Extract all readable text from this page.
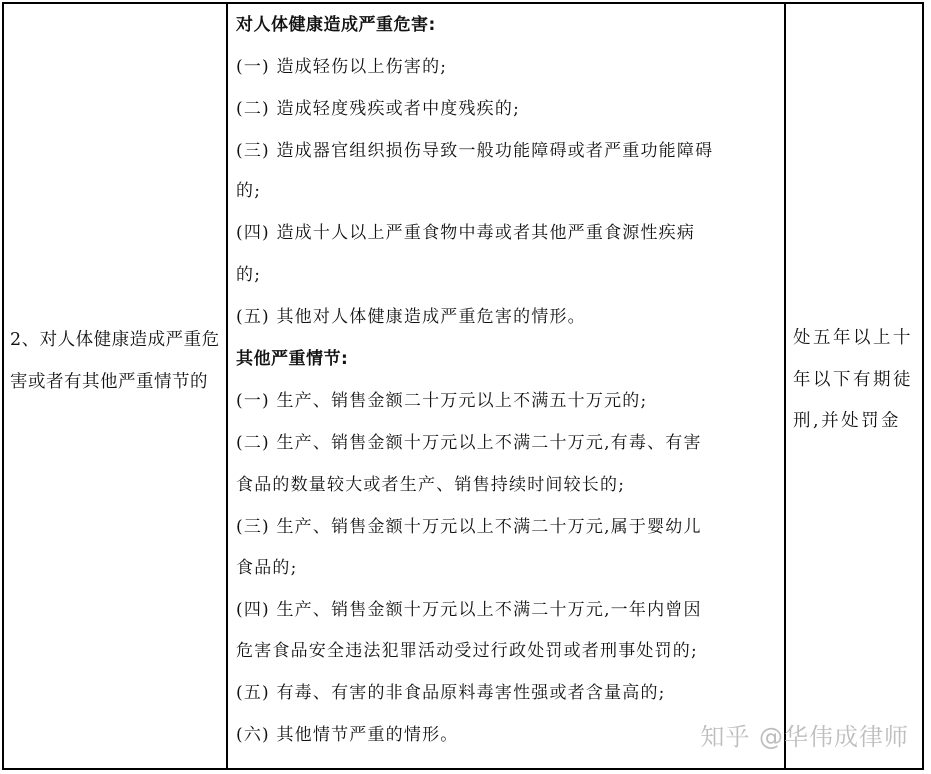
2、对人体健康造成严重危害或者有其他严重情节的
对人体健康造成严重危害:
(一) 造成轻伤以上伤害的;
(二) 造成轻度残疾或者中度残疾的;
(三) 造成器官组织损伤导致一般功能障碍或者严重功能障碍
的;
(四) 造成十人以上严重食物中毒或者其他严重食源性疾病
的;
(五) 其他对人体健康造成严重危害的情形。
其他严重情节:
(一) 生产、销售金额二十万元以上不满五十万元的;
(二) 生产、销售金额十万元以上不满二十万元,有毒、有害
食品的数量较大或者生产、销售持续时间较长的;
(三) 生产、销售金额十万元以上不满二十万元,属于婴幼儿
食品的;
(四) 生产、销售金额十万元以上不满二十万元,一年内曾因
危害食品安全违法犯罪活动受过行政处罚或者刑事处罚的;
(五) 有毒、有害的非食品原料毒害性强或者含量高的;
(六) 其他情节严重的情形。
处五年以上十年以下有期徒刑,并处罚金
知乎 @华伟成律师
